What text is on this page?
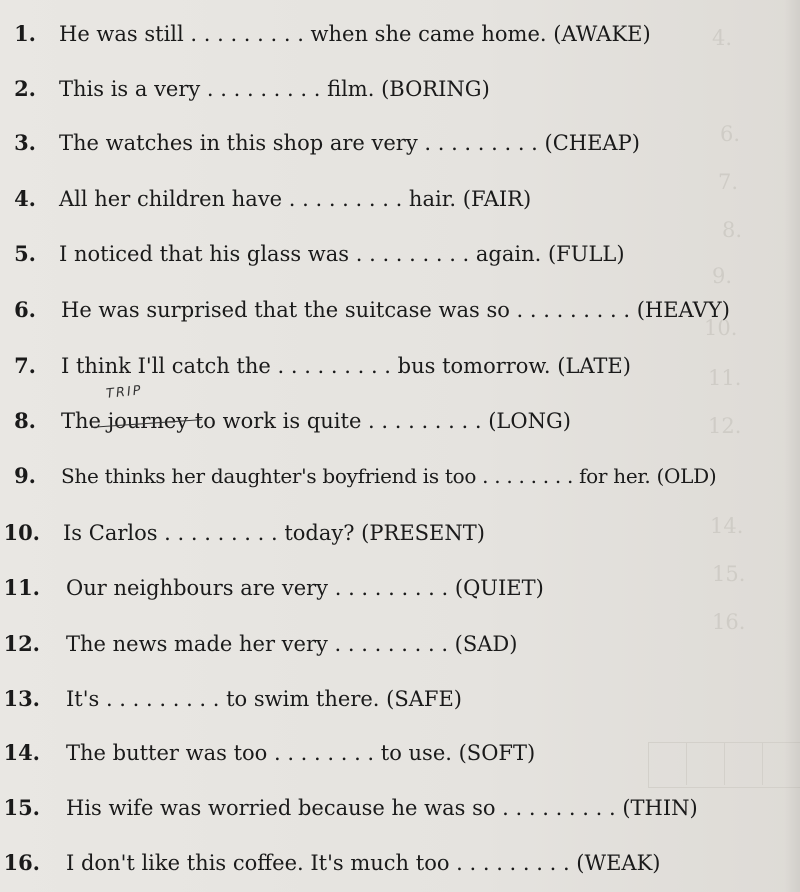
4.
6.
7.
8.
9.
10.
11.
12.
14.
15.
16.
1. He was still . . . . . . . . . when she came home. (AWAKE)
2. This is a very . . . . . . . . . film. (BORING)
3. The watches in this shop are very . . . . . . . . . (CHEAP)
4. All her children have . . . . . . . . . hair. (FAIR)
5. I noticed that his glass was . . . . . . . . . again. (FULL)
6. He was surprised that the suitcase was so . . . . . . . . . (HEAVY)
7. I think I'll catch the . . . . . . . . . bus tomorrow. (LATE)
8. The journey to work is quite . . . . . . . . . (LONG)
9. She thinks her daughter's boyfriend is too . . . . . . . . for her. (OLD)
10. Is Carlos . . . . . . . . . today? (PRESENT)
11. Our neighbours are very . . . . . . . . . (QUIET)
12. The news made her very . . . . . . . . . (SAD)
13. It's . . . . . . . . . to swim there. (SAFE)
14. The butter was too . . . . . . . . to use. (SOFT)
15. His wife was worried because he was so . . . . . . . . . (THIN)
16. I don't like this coffee. It's much too . . . . . . . . . (WEAK)
TRIP
